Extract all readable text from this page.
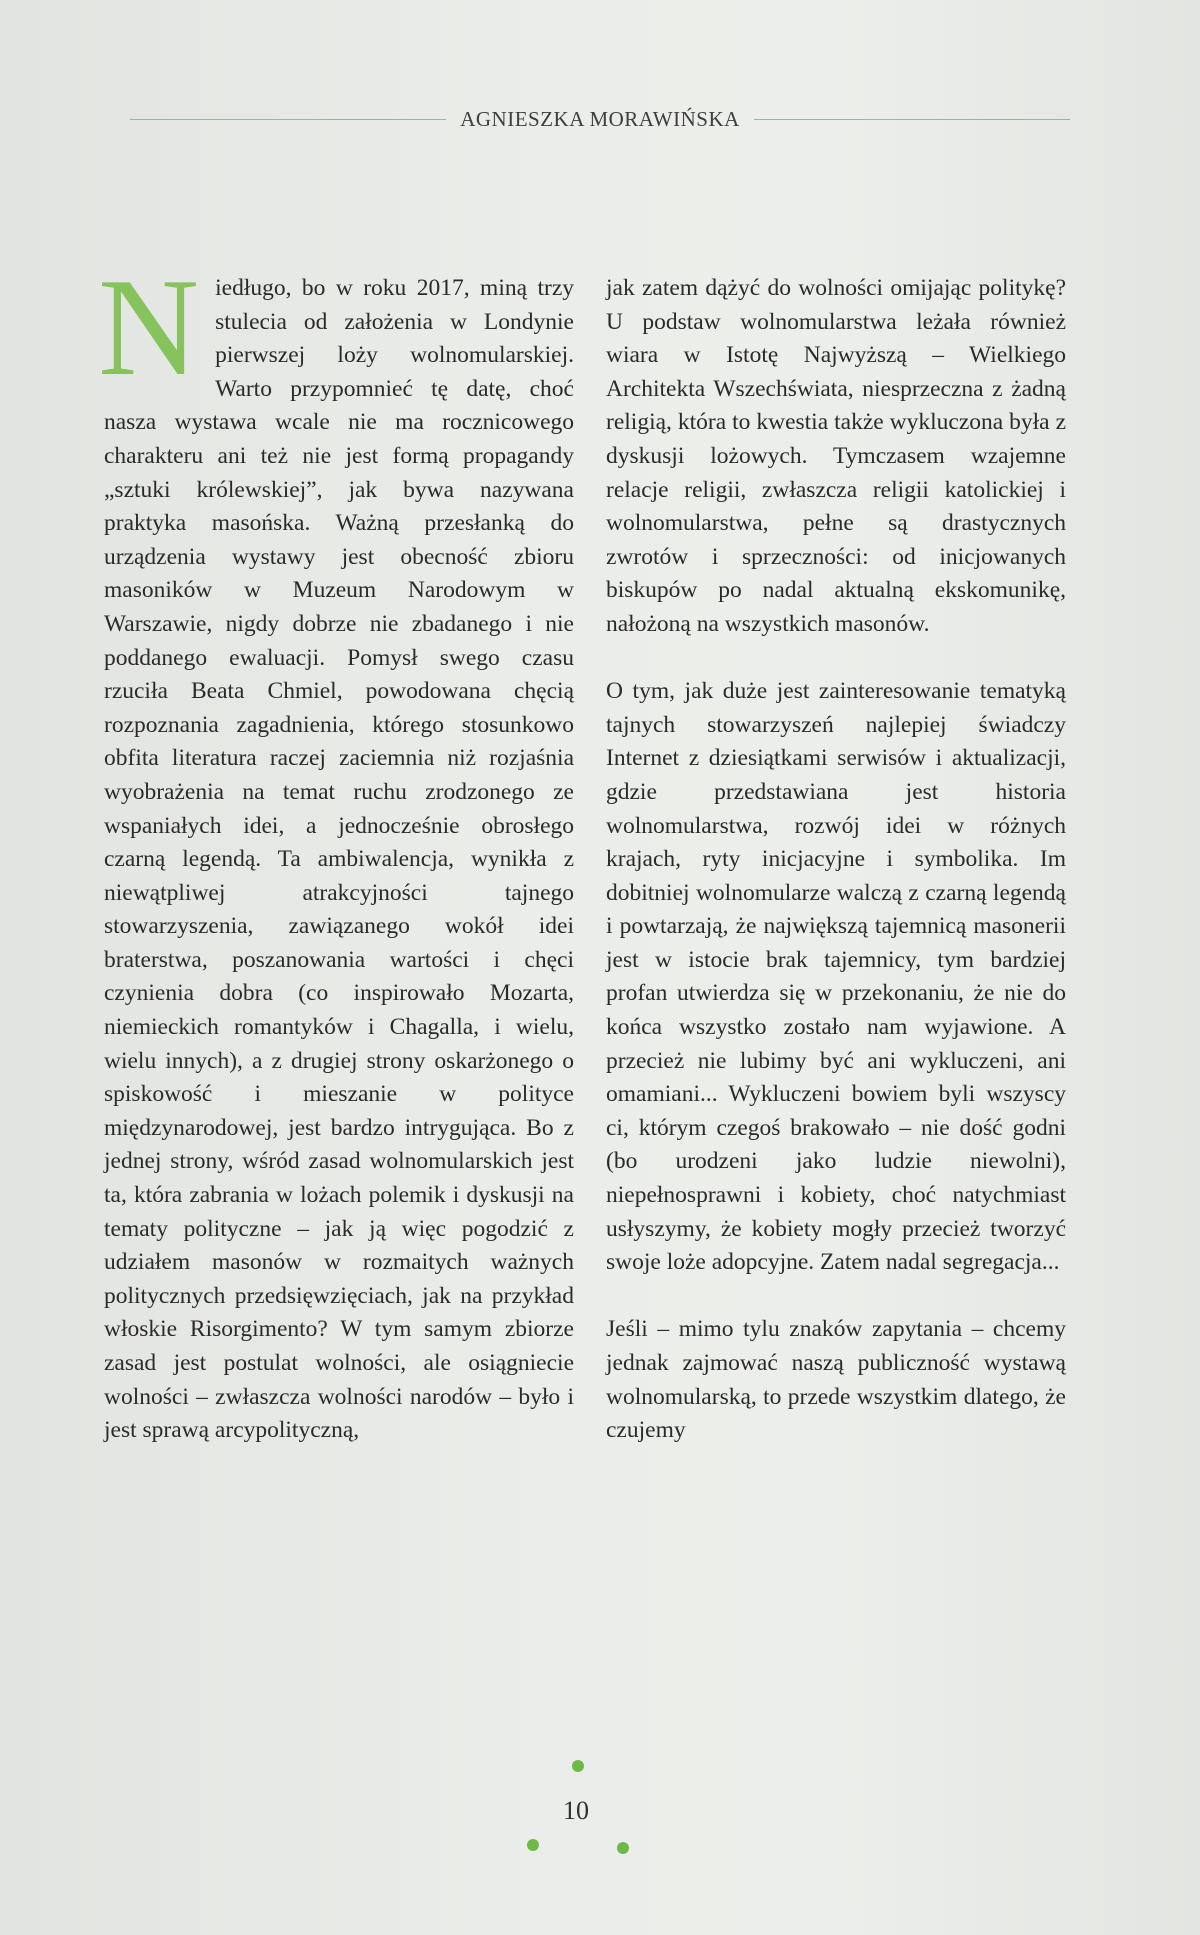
AGNIESZKA MORAWIŃSKA

Niedługo, bo w roku 2017, miną trzy stulecia od założenia w Londynie pierwszej loży wolnomularskiej. Warto przypomnieć tę datę, choć nasza wystawa wcale nie ma rocznicowego charakteru ani też nie jest formą propagandy „sztuki królewskiej”, jak bywa nazywana praktyka masońska. Ważną przesłanką do urządzenia wystawy jest obecność zbioru masoników w Muzeum Narodowym w Warszawie, nigdy dobrze nie zbadanego i nie poddanego ewaluacji. Pomysł swego czasu rzuciła Beata Chmiel, powodowana chęcią rozpoznania zagadnienia, którego stosunkowo obfita literatura raczej zaciemnia niż rozjaśnia wyobrażenia na temat ruchu zrodzonego ze wspaniałych idei, a jednocześnie obrosłego czarną legendą. Ta ambiwalencja, wynikła z niewątpliwej atrakcyjności tajnego stowarzyszenia, zawiązanego wokół idei braterstwa, poszanowania wartości i chęci czynienia dobra (co inspirowało Mozarta, niemieckich romantyków i Chagalla, i wielu, wielu innych), a z drugiej strony oskarżonego o spiskowość i mieszanie w polityce międzynarodowej, jest bardzo intrygująca. Bo z jednej strony, wśród zasad wolnomularskich jest ta, która zabrania w lożach polemik i dyskusji na tematy polityczne – jak ją więc pogodzić z udziałem masonów w rozmaitych ważnych politycznych przedsięwzięciach, jak na przykład włoskie Risorgimento? W tym samym zbiorze zasad jest postulat wolności, ale osiągniecie wolności – zwłaszcza wolności narodów – było i jest sprawą arcypolityczną,

jak zatem dążyć do wolności omijając politykę? U podstaw wolnomularstwa leżała również wiara w Istotę Najwyższą – Wielkiego Architekta Wszechświata, niesprzeczna z żadną religią, która to kwestia także wykluczona była z dyskusji lożowych. Tymczasem wzajemne relacje religii, zwłaszcza religii katolickiej i wolnomularstwa, pełne są drastycznych zwrotów i sprzeczności: od inicjowanych biskupów po nadal aktualną ekskomunikę, nałożoną na wszystkich masonów.

O tym, jak duże jest zainteresowanie tematyką tajnych stowarzyszeń najlepiej świadczy Internet z dziesiątkami serwisów i aktualizacji, gdzie przedstawiana jest historia wolnomularstwa, rozwój idei w różnych krajach, ryty inicjacyjne i symbolika. Im dobitniej wolnomularze walczą z czarną legendą i powtarzają, że największą tajemnicą masonerii jest w istocie brak tajemnicy, tym bardziej profan utwierdza się w przekonaniu, że nie do końca wszystko zostało nam wyjawione. A przecież nie lubimy być ani wykluczeni, ani omamiani... Wykluczeni bowiem byli wszyscy ci, którym czegoś brakowało – nie dość godni (bo urodzeni jako ludzie niewolni), niepełnosprawni i kobiety, choć natychmiast usłyszymy, że kobiety mogły przecież tworzyć swoje loże adopcyjne. Zatem nadal segregacja...

Jeśli – mimo tylu znaków zapytania – chcemy jednak zajmować naszą publiczność wystawą wolnomularską, to przede wszystkim dlatego, że czujemy

10
